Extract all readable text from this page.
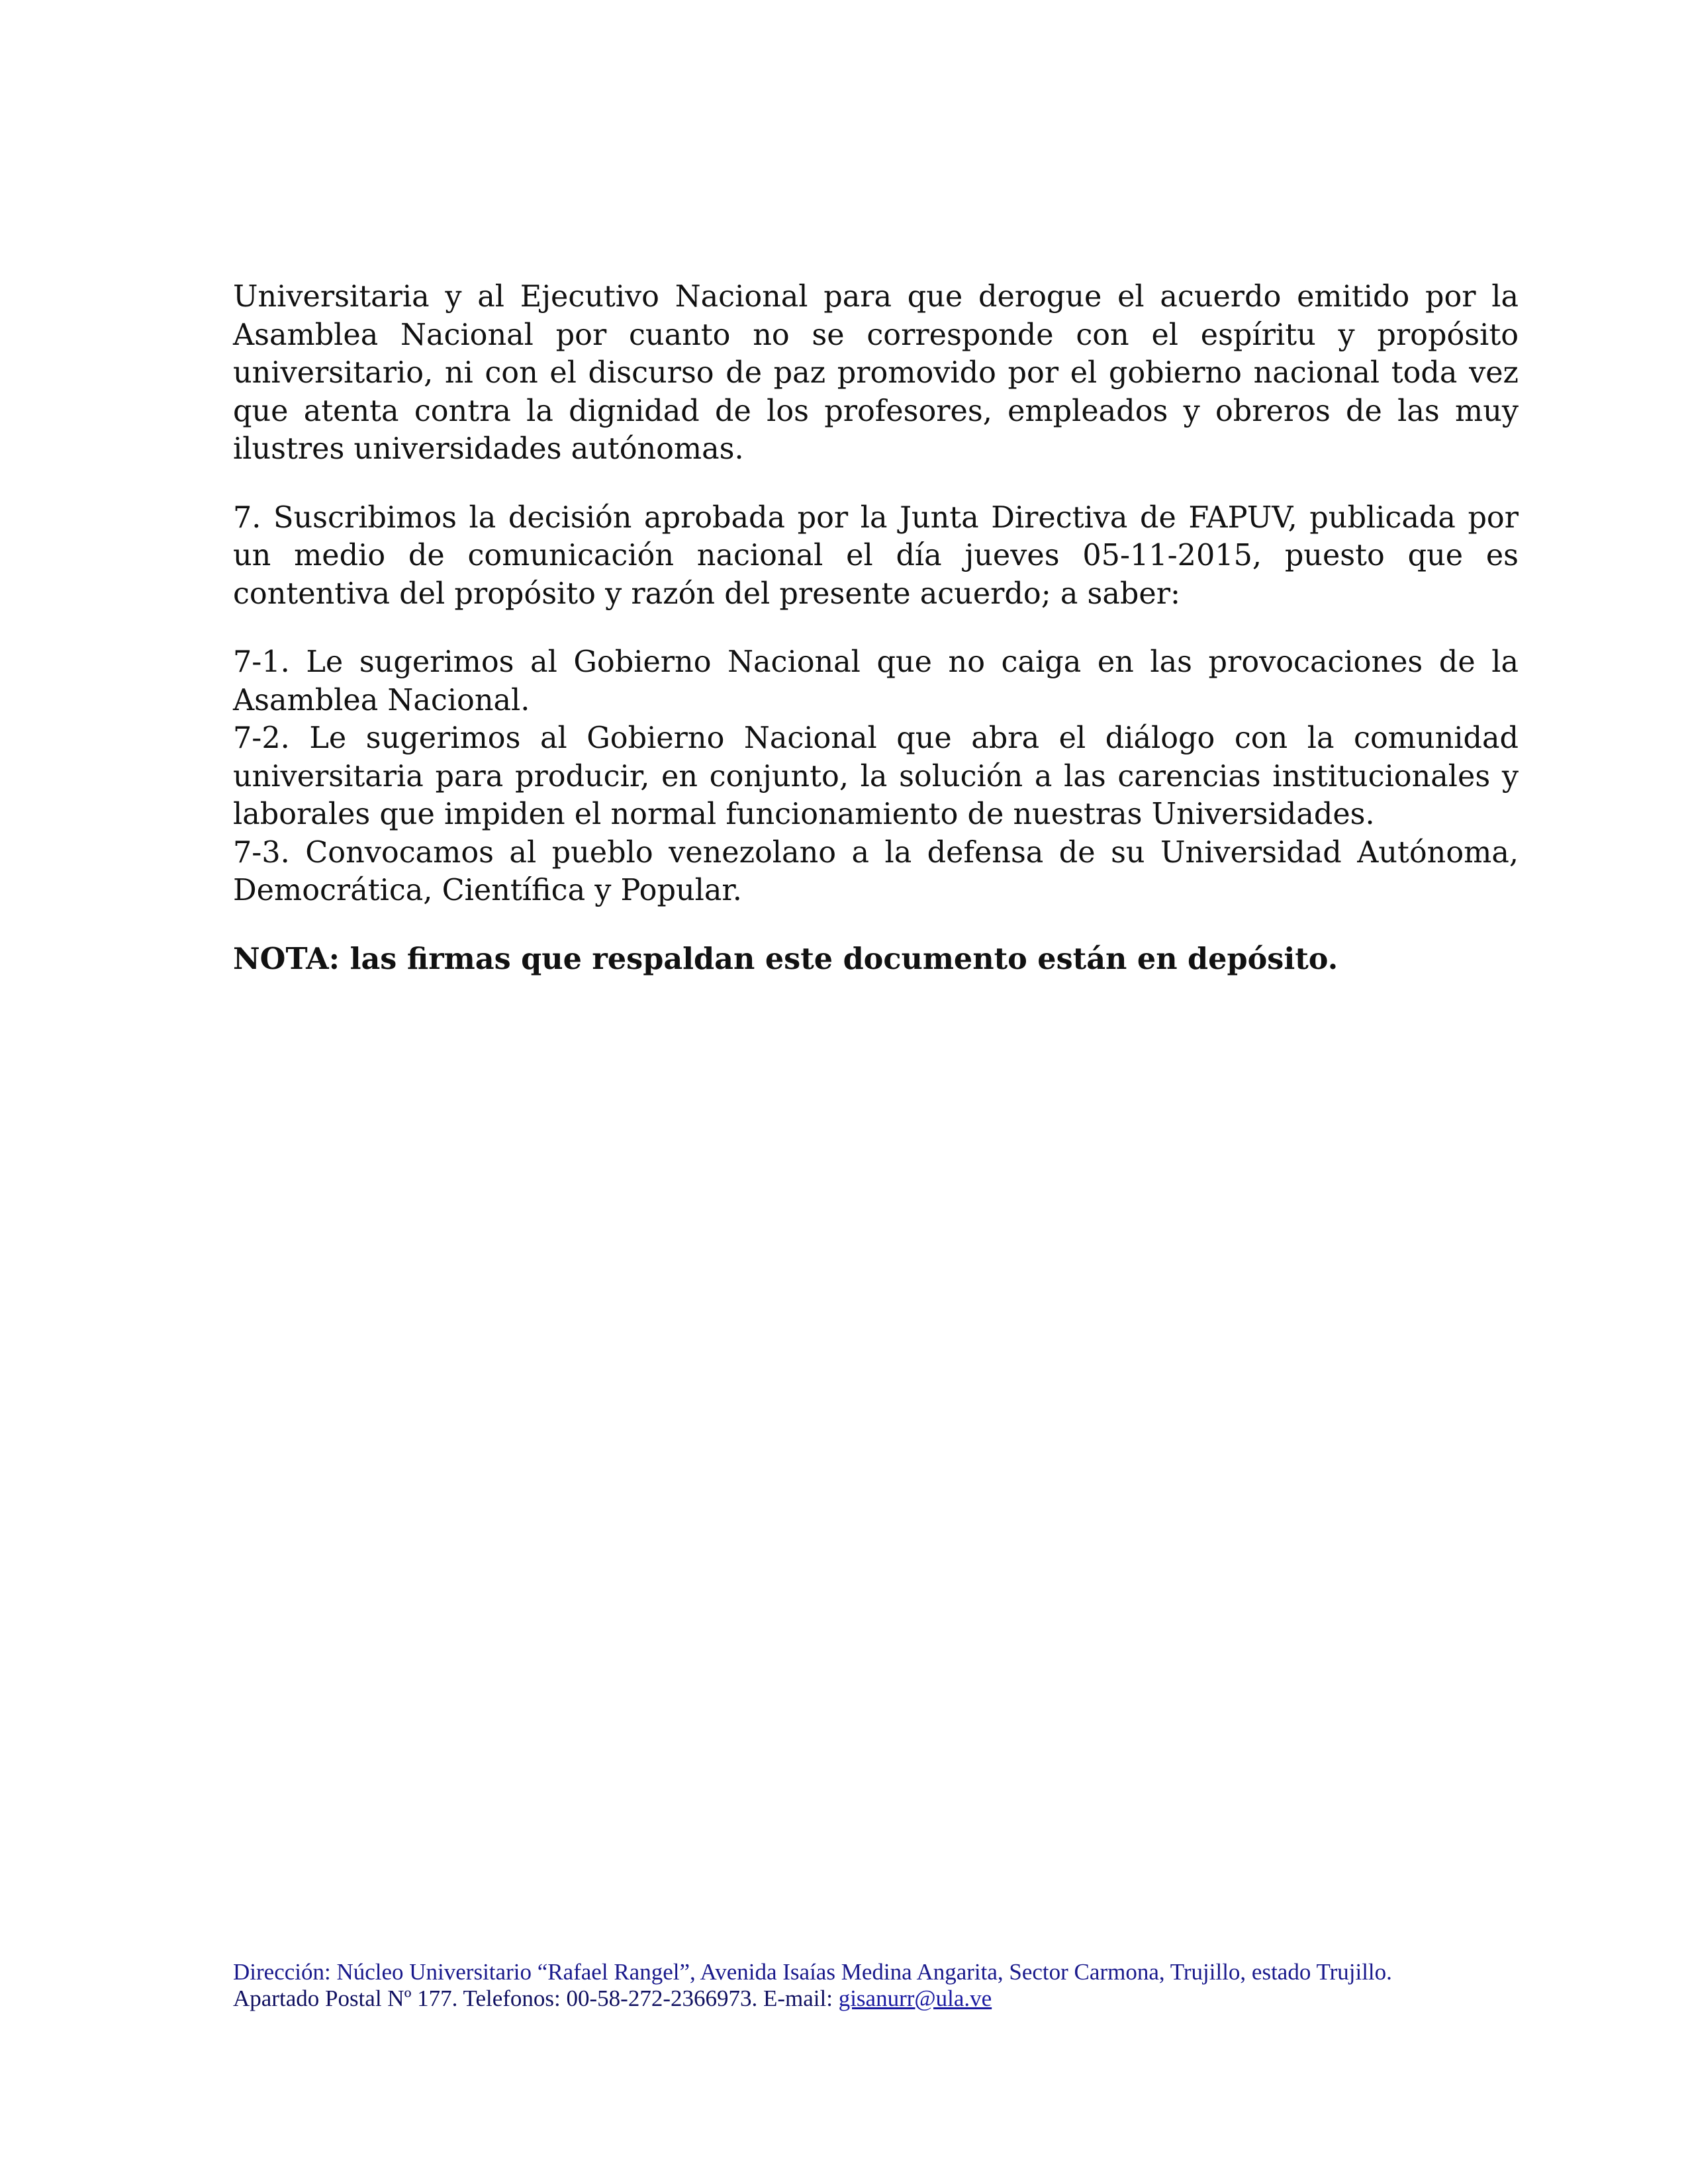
Universitaria y al Ejecutivo Nacional para que derogue el acuerdo emitido por la Asamblea Nacional por cuanto no se corresponde con el espíritu y propósito universitario, ni con el discurso de paz promovido por el gobierno nacional toda vez que atenta contra la dignidad de los profesores, empleados y obreros de las muy ilustres universidades autónomas.

7. Suscribimos la decisión aprobada por la Junta Directiva de FAPUV, publicada por un medio de comunicación nacional el día jueves 05-11-2015, puesto que es contentiva del propósito y razón del presente acuerdo; a saber:

7-1. Le sugerimos al Gobierno Nacional que no caiga en las provocaciones de la Asamblea Nacional.

7-2. Le sugerimos al Gobierno Nacional que abra el diálogo con la comunidad universitaria para producir, en conjunto, la solución a las carencias institucionales y laborales que impiden el normal funcionamiento de nuestras Universidades.

7-3. Convocamos al pueblo venezolano a la defensa de su Universidad Autónoma, Democrática, Científica y Popular.

NOTA: las firmas que respaldan este documento están en depósito.

Dirección: Núcleo Universitario “Rafael Rangel”, Avenida Isaías Medina Angarita, Sector Carmona, Trujillo, estado Trujillo.
Apartado Postal Nº 177. Telefonos: 00-58-272-2366973. E-mail: gisanurr@ula.ve
